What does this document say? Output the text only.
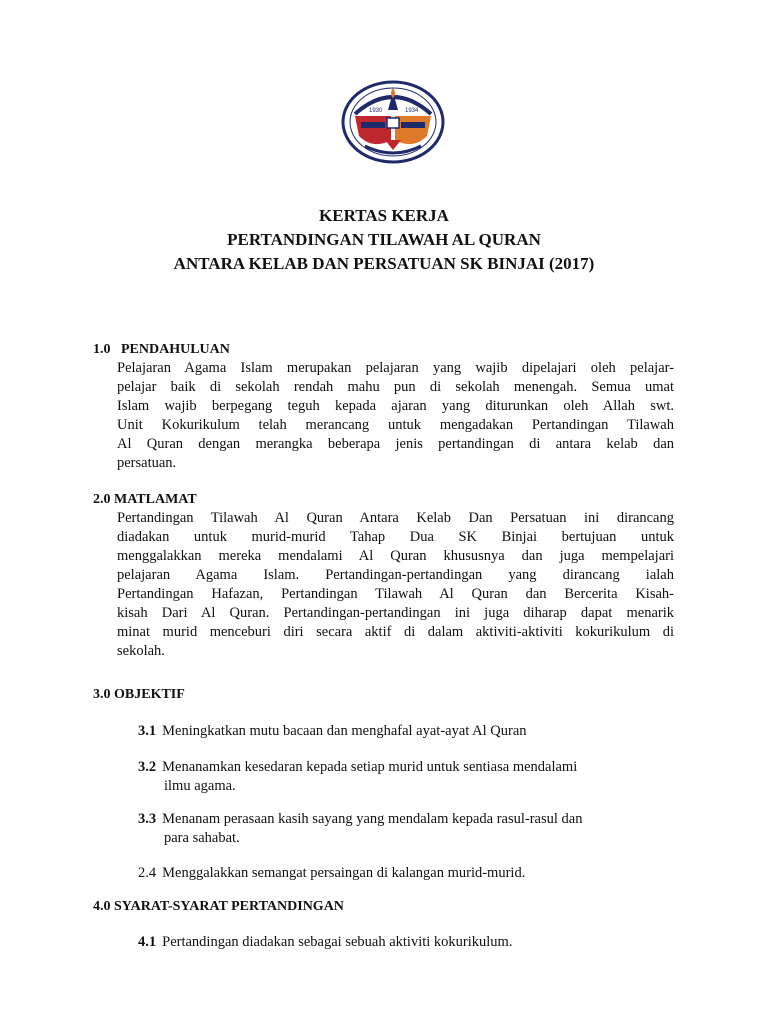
1930	1934
KERTAS KERJA
PERTANDINGAN TILAWAH AL QURAN
ANTARA KELAB DAN PERSATUAN SK BINJAI (2017)
1.0   PENDAHULUAN
Pelajaran Agama Islam merupakan pelajaran yang wajib dipelajari oleh pelajar-
pelajar baik di sekolah rendah mahu pun di sekolah menengah. Semua umat
Islam wajib berpegang teguh kepada ajaran yang diturunkan oleh Allah swt.
Unit Kokurikulum telah merancang untuk mengadakan Pertandingan Tilawah
Al Quran dengan merangka beberapa jenis pertandingan di antara kelab dan
persatuan.
2.0 MATLAMAT
Pertandingan Tilawah Al Quran Antara Kelab Dan Persatuan ini dirancang
diadakan untuk murid-murid Tahap Dua SK Binjai bertujuan untuk
menggalakkan mereka mendalami Al Quran khususnya dan juga mempelajari
pelajaran Agama Islam. Pertandingan-pertandingan yang dirancang ialah
Pertandingan Hafazan, Pertandingan Tilawah Al Quran dan Bercerita Kisah-
kisah Dari Al Quran. Pertandingan-pertandingan ini juga diharap dapat menarik
minat murid menceburi diri secara aktif di dalam aktiviti-aktiviti kokurikulum di
sekolah.
3.0 OBJEKTIF
3.1 Meningkatkan mutu bacaan dan menghafal ayat-ayat Al Quran
3.2 Menanamkan kesedaran kepada setiap murid untuk sentiasa mendalami
ilmu agama.
3.3 Menanam perasaan kasih sayang yang mendalam kepada rasul-rasul dan
para sahabat.
2.4 Menggalakkan semangat persaingan di kalangan murid-murid.
4.0 SYARAT-SYARAT PERTANDINGAN
4.1 Pertandingan diadakan sebagai sebuah aktiviti kokurikulum.
